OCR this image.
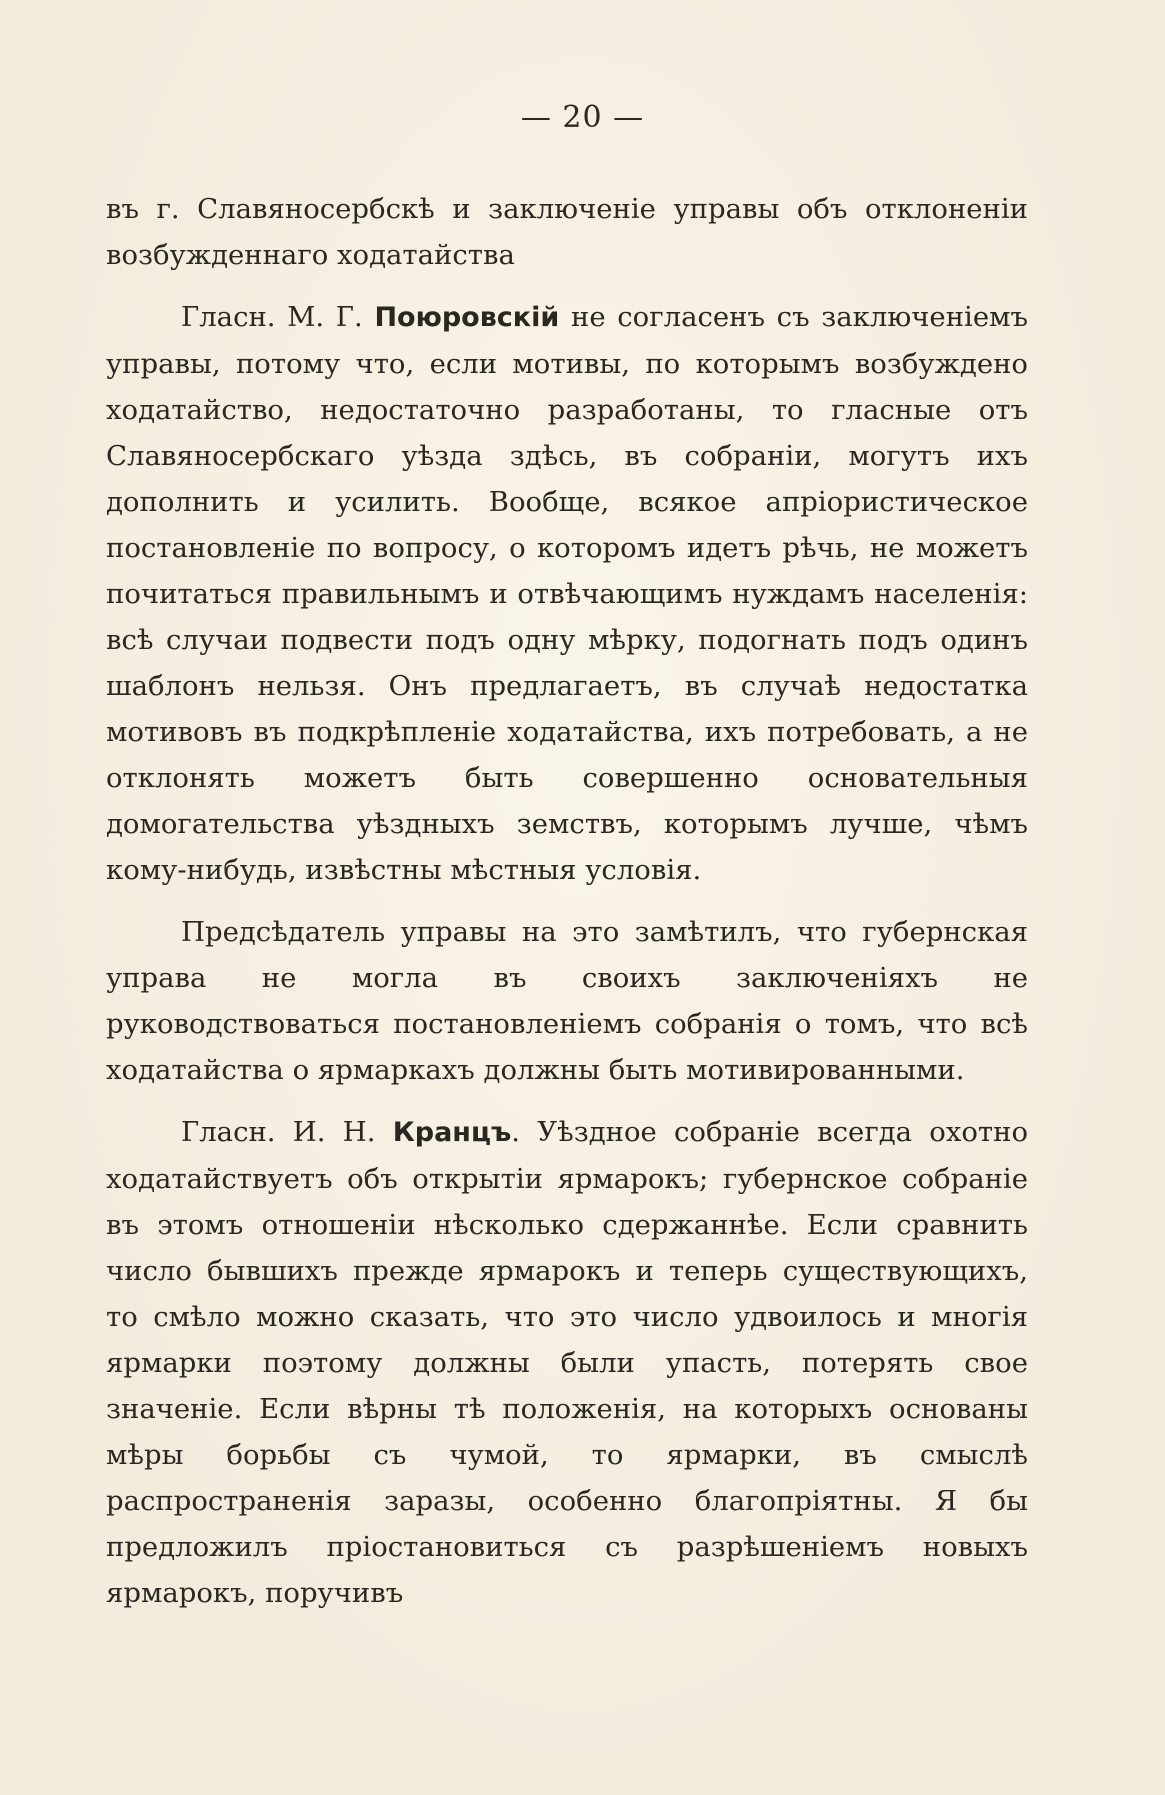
— 20 —

въ г. Славяносербскѣ и заключеніе управы объ отклоненіи возбужденнаго ходатайства

Гласн. М. Г. Поюровскій не согласенъ съ заключеніемъ управы, потому что, если мотивы, по которымъ возбуждено ходатайство, недостаточно разработаны, то гласные отъ Славяносербскаго уѣзда здѣсь, въ собраніи, могутъ ихъ дополнить и усилить. Вообще, всякое апріористическое постановленіе по вопросу, о которомъ идетъ рѣчь, не можетъ почитаться правильнымъ и отвѣчающимъ нуждамъ населенія: всѣ случаи подвести подъ одну мѣрку, подогнать подъ одинъ шаблонъ нельзя. Онъ предлагаетъ, въ случаѣ недостатка мотивовъ въ подкрѣпленіе ходатайства, ихъ потребовать, а не отклонять можетъ быть совершенно основательныя домогательства уѣздныхъ земствъ, которымъ лучше, чѣмъ кому-нибудь, извѣстны мѣстныя условія.

Предсѣдатель управы на это замѣтилъ, что губернская управа не могла въ своихъ заключеніяхъ не руководствоваться постановленіемъ собранія о томъ, что всѣ ходатайства о ярмаркахъ должны быть мотивированными.

Гласн. И. Н. Кранцъ. Уѣздное собраніе всегда охотно ходатайствуетъ объ открытіи ярмарокъ; губернское собраніе въ этомъ отношеніи нѣсколько сдержаннѣе. Если сравнить число бывшихъ прежде ярмарокъ и теперь существующихъ, то смѣло можно сказать, что это число удвоилось и многія ярмарки поэтому должны были упасть, потерять свое значеніе. Если вѣрны тѣ положенія, на которыхъ основаны мѣры борьбы съ чумой, то ярмарки, въ смыслѣ распространенія заразы, особенно благопріятны. Я бы предложилъ пріостановиться съ разрѣшеніемъ новыхъ ярмарокъ, поручивъ
